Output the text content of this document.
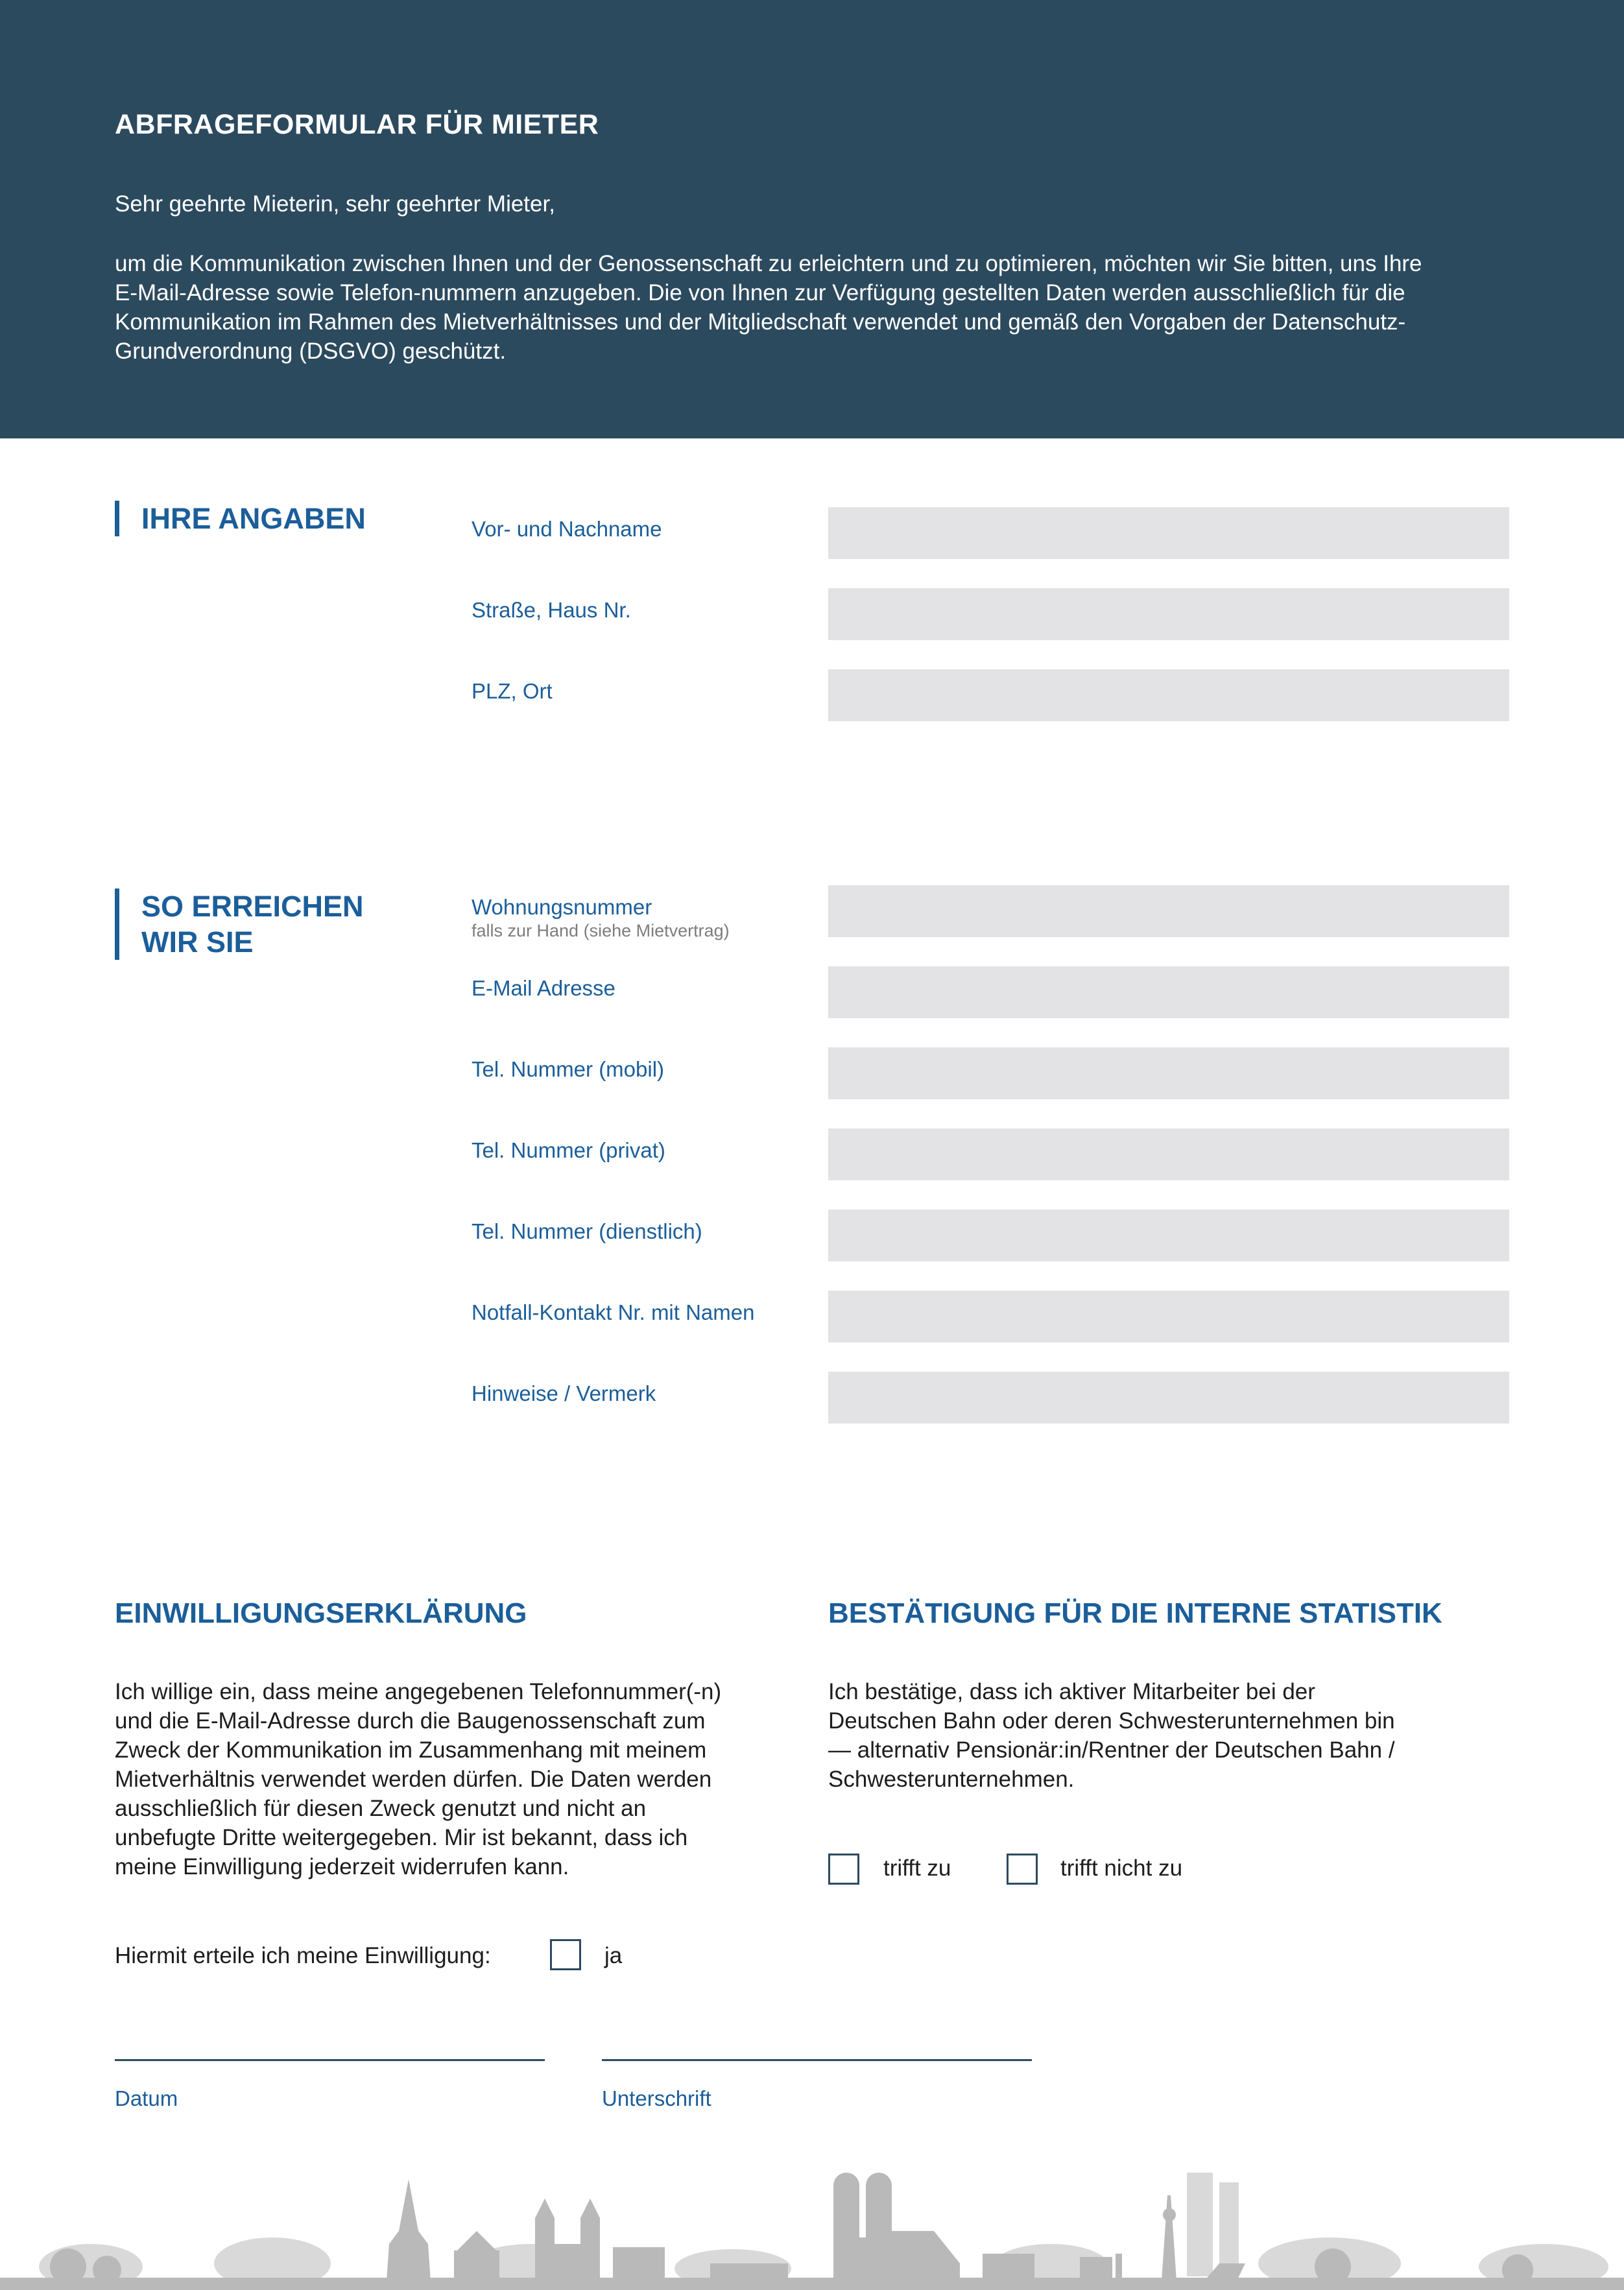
ABFRAGEFORMULAR FÜR MIETER
Sehr geehrte Mieterin, sehr geehrter Mieter,

um die Kommunikation zwischen Ihnen und der Genossenschaft zu erleichtern und zu optimieren, möchten wir Sie bitten, uns Ihre
E-Mail-Adresse sowie Telefon-nummern anzugeben. Die von Ihnen zur Verfügung gestellten Daten werden ausschließlich für die
Kommunikation im Rahmen des Mietverhältnisses und der Mitgliedschaft verwendet und gemäß den Vorgaben der Datenschutz-
Grundverordnung (DSGVO) geschützt.

IHRE ANGABEN	Vor- und Nachname
Straße, Haus Nr.
PLZ, Ort
SO ERREICHEN
WIR SIE
Wohnungsnummer
falls zur Hand (siehe Mietvertrag)
E-Mail Adresse
Tel. Nummer (mobil)
Tel. Nummer (privat)
Tel. Nummer (dienstlich)
Notfall-Kontakt Nr. mit Namen
Hinweise / Vermerk
EINWILLIGUNGSERKLÄRUNG

Ich willige ein, dass meine angegebenen Telefonnummer(-n)
und die E-Mail-Adresse durch die Baugenossenschaft zum
Zweck der Kommunikation im Zusammenhang mit meinem
Mietverhältnis verwendet werden dürfen. Die Daten werden
ausschließlich für diesen Zweck genutzt und nicht an
unbefugte Dritte weitergegeben. Mir ist bekannt, dass ich
meine Einwilligung jederzeit widerrufen kann.

Hiermit erteile ich meine Einwilligung:	ja
BESTÄTIGUNG FÜR DIE INTERNE STATISTIK

Ich bestätige, dass ich aktiver Mitarbeiter bei der
Deutschen Bahn oder deren Schwesterunternehmen bin
— alternativ Pensionär:in/Rentner der Deutschen Bahn /
Schwesterunternehmen.

trifft zu	trifft nicht zu
Datum	Unterschrift
